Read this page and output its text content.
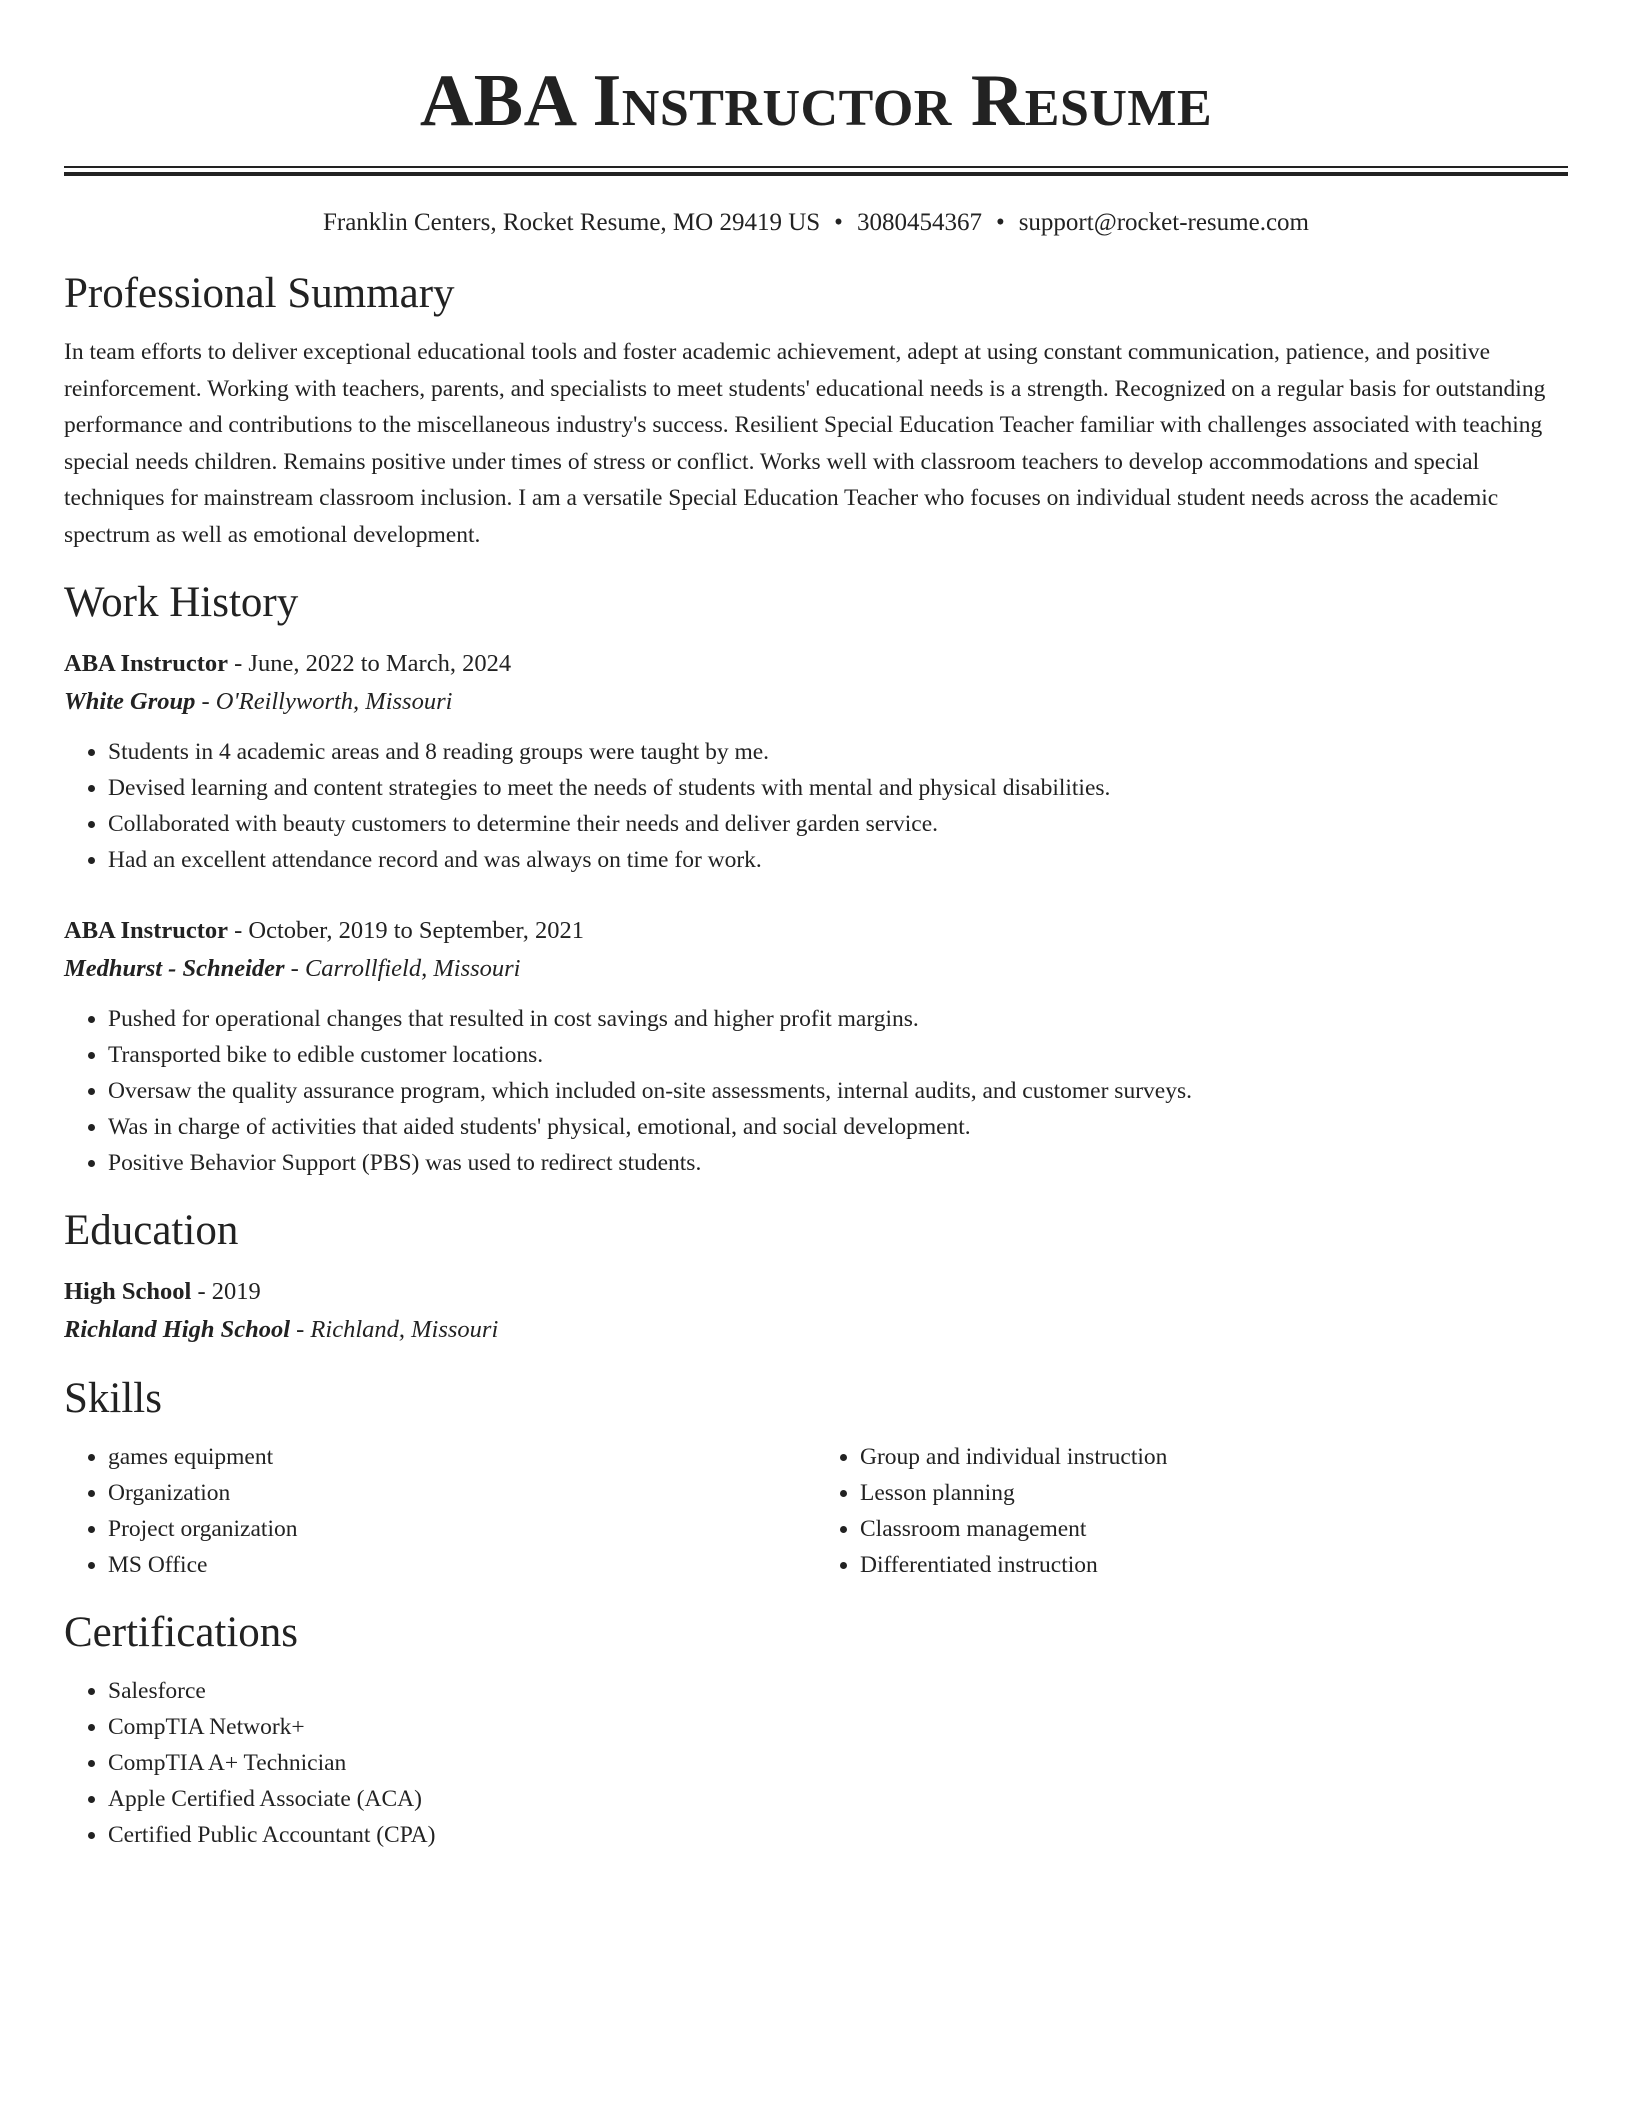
ABA Instructor Resume
Franklin Centers, Rocket Resume, MO 29419 US • 3080454367 • support@rocket-resume.com
Professional Summary

In team efforts to deliver exceptional educational tools and foster academic achievement, adept at using constant communication, patience, and positive reinforcement. Working with teachers, parents, and specialists to meet students' educational needs is a strength. Recognized on a regular basis for outstanding performance and contributions to the miscellaneous industry's success. Resilient Special Education Teacher familiar with challenges associated with teaching special needs children. Remains positive under times of stress or conflict. Works well with classroom teachers to develop accommodations and special techniques for mainstream classroom inclusion. I am a versatile Special Education Teacher who focuses on individual student needs across the academic spectrum as well as emotional development.

Work History
ABA Instructor - June, 2022 to March, 2024
White Group - O'Reillyworth, Missouri
• Students in 4 academic areas and 8 reading groups were taught by me.
• Devised learning and content strategies to meet the needs of students with mental and physical disabilities.
• Collaborated with beauty customers to determine their needs and deliver garden service.
• Had an excellent attendance record and was always on time for work.
ABA Instructor - October, 2019 to September, 2021
Medhurst - Schneider - Carrollfield, Missouri
• Pushed for operational changes that resulted in cost savings and higher profit margins.
• Transported bike to edible customer locations.
• Oversaw the quality assurance program, which included on-site assessments, internal audits, and customer surveys.
• Was in charge of activities that aided students' physical, emotional, and social development.
• Positive Behavior Support (PBS) was used to redirect students.
Education
High School - 2019
Richland High School - Richland, Missouri
Skills
• games equipment
• Organization
• Project organization
• MS Office
• Group and individual instruction
• Lesson planning
• Classroom management
• Differentiated instruction
Certifications
• Salesforce
• CompTIA Network+
• CompTIA A+ Technician
• Apple Certified Associate (ACA)
• Certified Public Accountant (CPA)
